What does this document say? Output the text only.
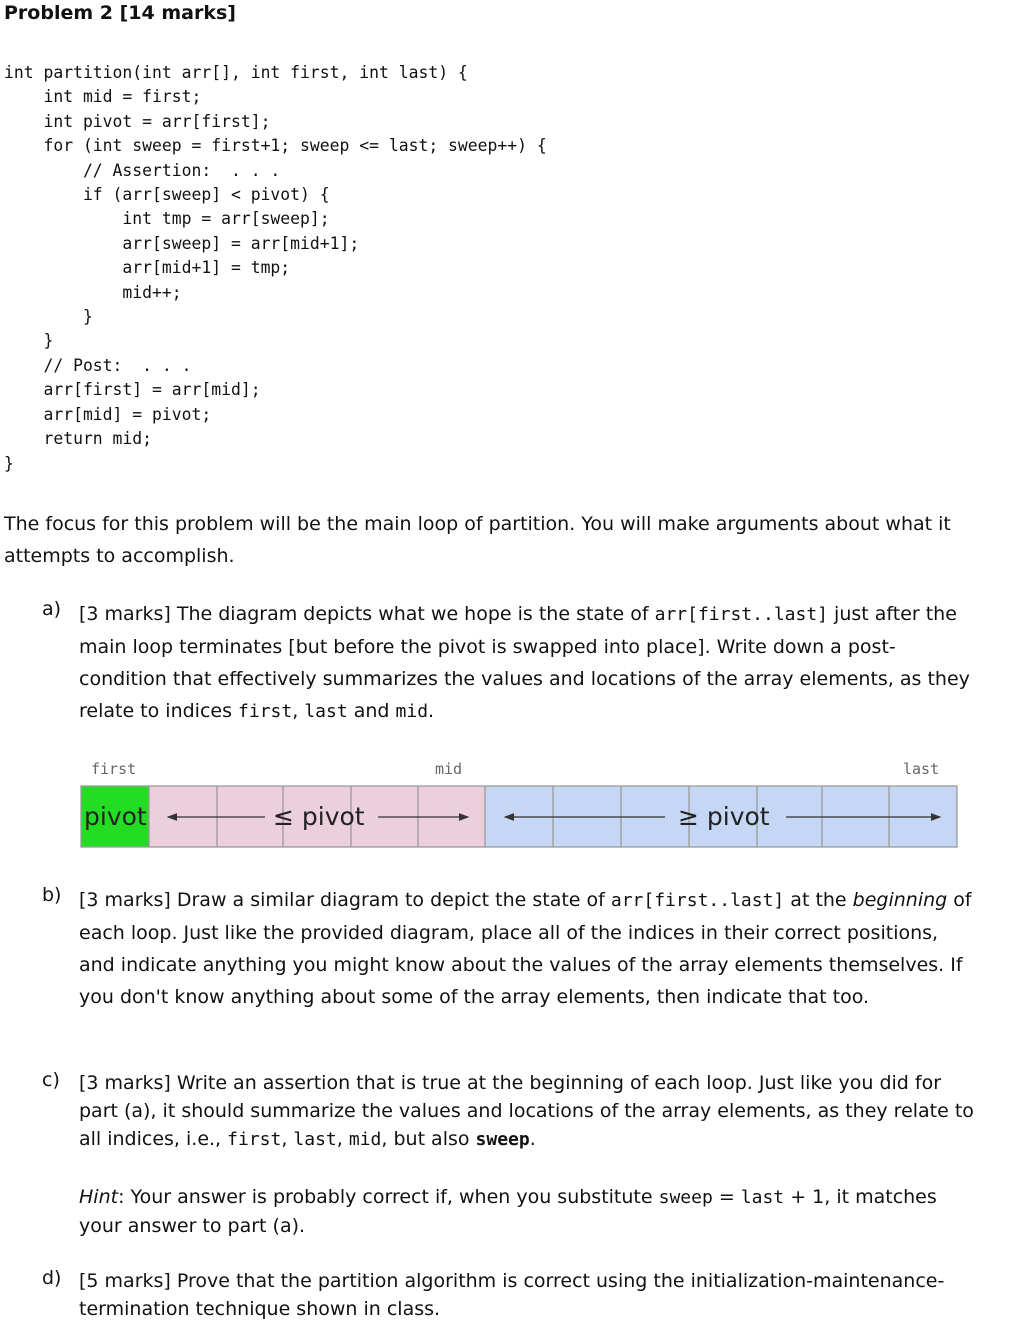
Problem 2 [14 marks]
int partition(int arr[], int first, int last) {
int mid = first;
int pivot = arr[first];
for (int sweep = first+1; sweep <= last; sweep++) {
// Assertion:  . . .
if (arr[sweep] < pivot) {
int tmp = arr[sweep];
arr[sweep] = arr[mid+1];
arr[mid+1] = tmp;
mid++;
}
}
// Post:  . . .
arr[first] = arr[mid];
arr[mid] = pivot;
return mid;
}
The focus for this problem will be the main loop of partition. You will make arguments about what it attempts to accomplish.
a) [3 marks] The diagram depicts what we hope is the state of arr[first..last] just after the main loop terminates [but before the pivot is swapped into place]. Write down a post-condition that effectively summarizes the values and locations of the array elements, as they relate to indices first, last and mid.
first	mid	last
pivot	≤ pivot	≥ pivot
b) [3 marks] Draw a similar diagram to depict the state of arr[first..last] at the beginning of each loop. Just like the provided diagram, place all of the indices in their correct positions, and indicate anything you might know about the values of the array elements themselves. If you don't know anything about some of the array elements, then indicate that too.
c) [3 marks] Write an assertion that is true at the beginning of each loop. Just like you did for part (a), it should summarize the values and locations of the array elements, as they relate to all indices, i.e., first, last, mid, but also sweep.
Hint: Your answer is probably correct if, when you substitute sweep = last + 1, it matches your answer to part (a).
d) [5 marks] Prove that the partition algorithm is correct using the initialization-maintenance-termination technique shown in class.
